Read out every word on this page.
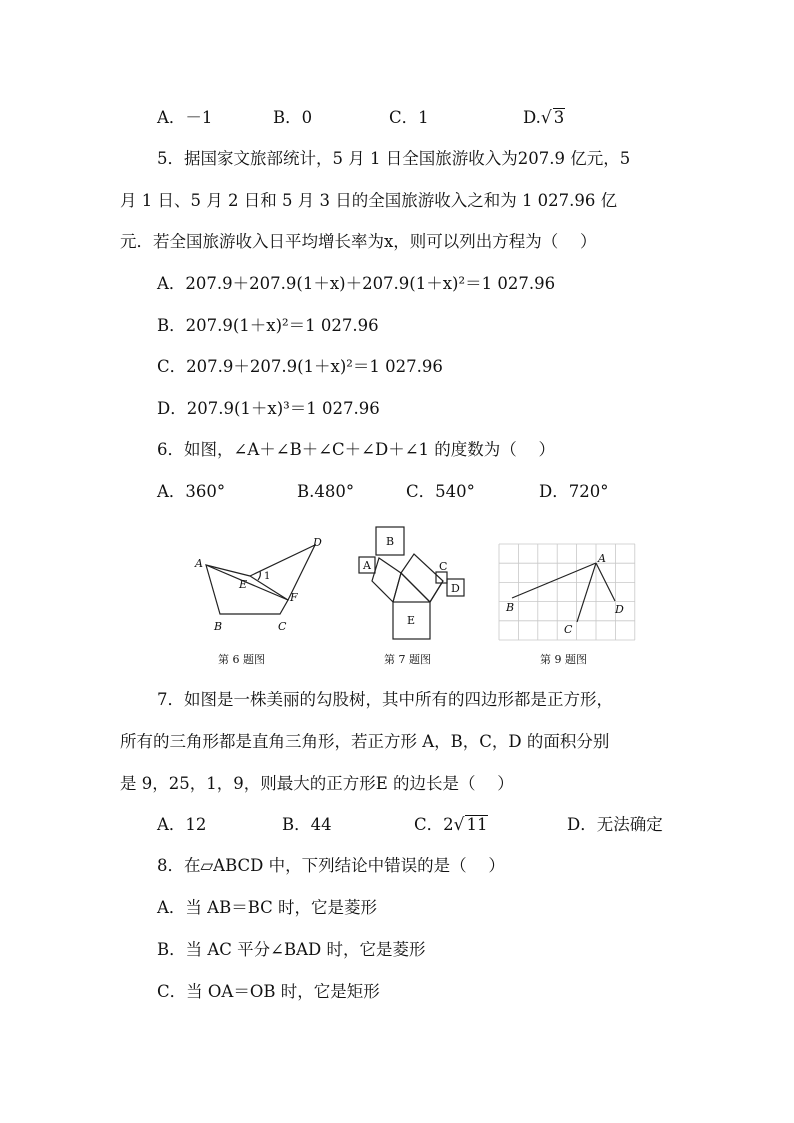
A．－1	B．0	C．1	D.√ 3
5．据国家文旅部统计，5 月 1 日全国旅游收入为207.9 亿元，5
月 1 日、5 月 2 日和 5 月 3 日的全国旅游收入之和为 1 027.96 亿
元．若全国旅游收入日平均增长率为x，则可以列出方程为（　 ）
A．207.9＋207.9(1＋x)＋207.9(1＋x)²＝1 027.96
B．207.9(1＋x)²＝1 027.96
C．207.9＋207.9(1＋x)²＝1 027.96
D．207.9(1＋x)³＝1 027.96
6．如图，∠A＋∠B＋∠C＋∠D＋∠1 的度数为（　 ）
A．360°	B.480°	C．540°	D．720°
A
B	C
D
E
F
1
第 6 题图
A
B
C
D
E
第 7 题图
A
B
C
D
第 9 题图
7．如图是一株美丽的勾股树，其中所有的四边形都是正方形，
所有的三角形都是直角三角形，若正方形 A，B，C，D 的面积分别
是 9，25，1，9，则最大的正方形E 的边长是（　 ）
A．12	B．44	C．2√ 11	D．无法确定
8．在▱ABCD 中，下列结论中错误的是（　 ）
A．当 AB＝BC 时，它是菱形
B．当 AC 平分∠BAD 时，它是菱形
C．当 OA＝OB 时，它是矩形
